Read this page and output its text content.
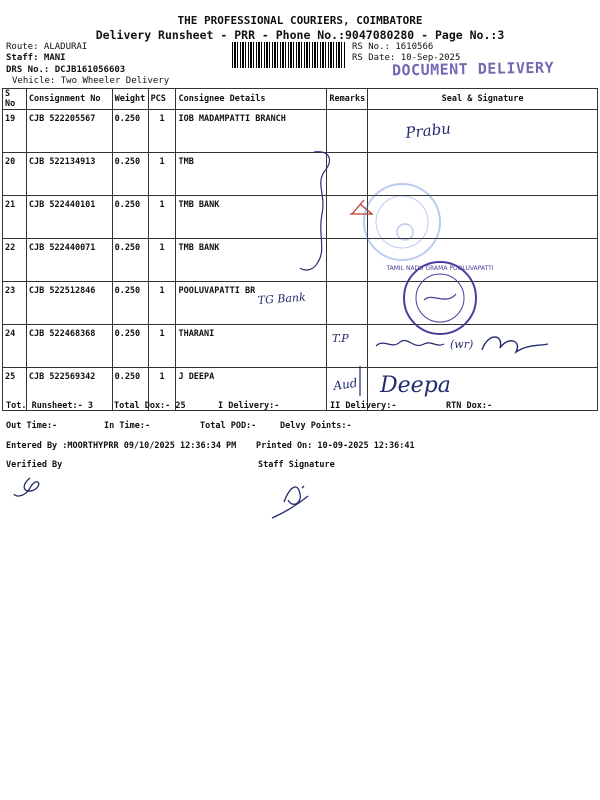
THE PROFESSIONAL COURIERS, COIMBATORE
Delivery Runsheet - PRR - Phone No.:9047080280 - Page No.:3
Route: ALADURAI
Staff: MANI
DRS No.: DCJB161056603
Vehicle: Two Wheeler Delivery
RS No.: 1610566
RS Date: 10-Sep-2025
DOCUMENT DELIVERY
S No	Consignment No	Weight	PCS	Consignee Details	Remarks	Seal & Signature
19	CJB 522205567	0.250	1	IOB MADAMPATTI BRANCH		
20	CJB 522134913	0.250	1	TMB		
21	CJB 522440101	0.250	1	TMB BANK		
22	CJB 522440071	0.250	1	TMB BANK		
23	CJB 522512846	0.250	1	POOLUVAPATTI BR		
24	CJB 522468368	0.250	1	THARANI		
25	CJB 522569342	0.250	1	J DEEPA		
TAMIL NADU GRAMA POOLUVAPATTI
Prabu
TG Bank
T.P	(wr)
Aud Deepa
Tot. Runsheet:- 3 Total Dox:- 25	I Delivery:-	II Delivery:-	RTN Dox:-
Out Time:-	In Time:-	Total POD:-	Delvy Points:-
Entered By :MOORTHYPRR 09/10/2025 12:36:34 PM Printed On: 10-09-2025 12:36:41
Verified By	Staff Signature
